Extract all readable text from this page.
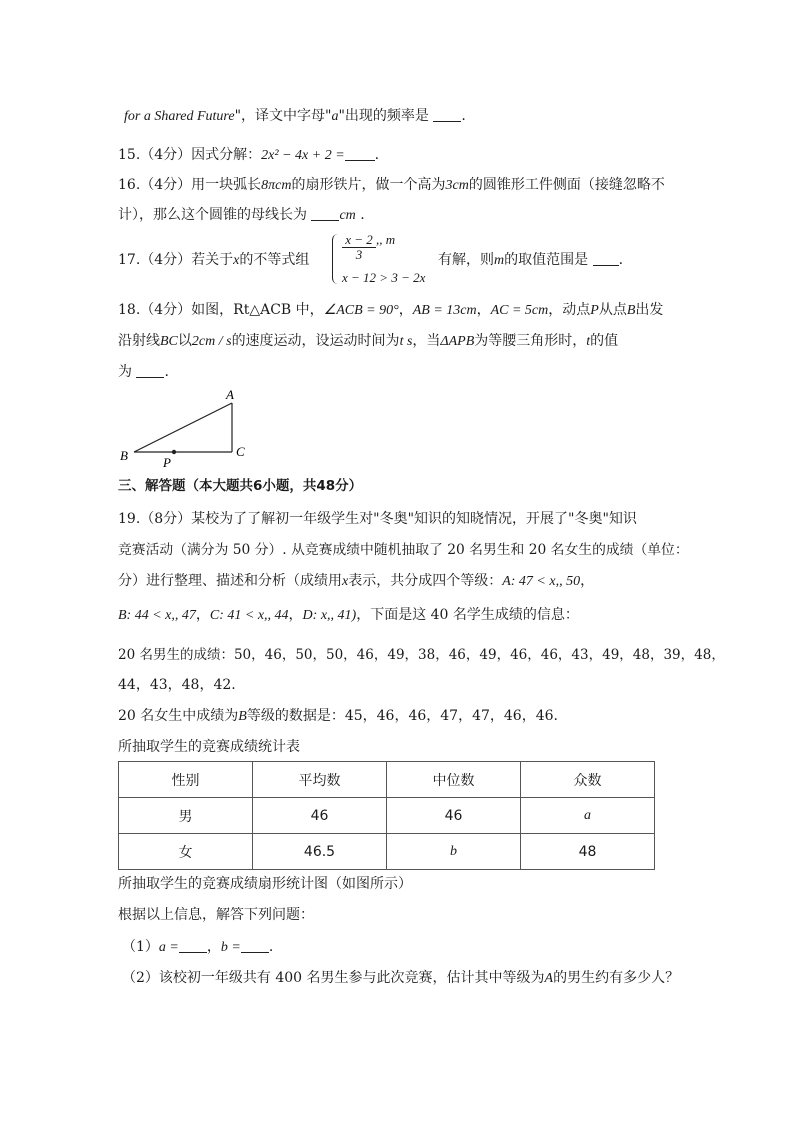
for a Shared Future"，译文中字母"a"出现的频率是 .
15.（4分）因式分解：2x² − 4x + 2 = .
16.（4分）用一块弧长8πcm的扇形铁片，做一个高为3cm的圆锥形工件侧面（接缝忽略不
计），那么这个圆锥的母线长为 cm .
17.（4分）若关于x的不等式组	$\frac{x - 2}{3}$ ,, m
x − 12 > 3 − 2x
有解，则m的取值范围是 .
18.（4分）如图，Rt△ACB 中，∠ACB = 90°，AB = 13cm，AC = 5cm，动点P从点B出发
沿射线BC以2cm / s的速度运动，设运动时间为t s，当ΔAPB为等腰三角形时，t的值
为 .
A
B	C
P
三、解答题（本大题共6小题，共48分）
19.（8分）某校为了了解初一年级学生对"冬奥"知识的知晓情况，开展了"冬奥"知识
竞赛活动（满分为 50 分）. 从竞赛成绩中随机抽取了 20 名男生和 20 名女生的成绩（单位：
分）进行整理、描述和分析（成绩用x表示，共分成四个等级：A: 47 < x,, 50，
B: 44 < x,, 47，C: 41 < x,, 44，D: x,, 41)，下面是这 40 名学生成绩的信息：
20 名男生的成绩：50，46，50，50，46，49，38，46，49，46，46，43，49，48，39，48，
44，43，48，42.
20 名女生中成绩为B等级的数据是：45，46，46，47，47，46，46.
所抽取学生的竞赛成绩统计表
性别	平均数	中位数	众数
男	46	46	a
女	46.5	b	48
所抽取学生的竞赛成绩扇形统计图（如图所示）
根据以上信息，解答下列问题：
（1）a = ，b = .
（2）该校初一年级共有 400 名男生参与此次竞赛，估计其中等级为A的男生约有多少人？
